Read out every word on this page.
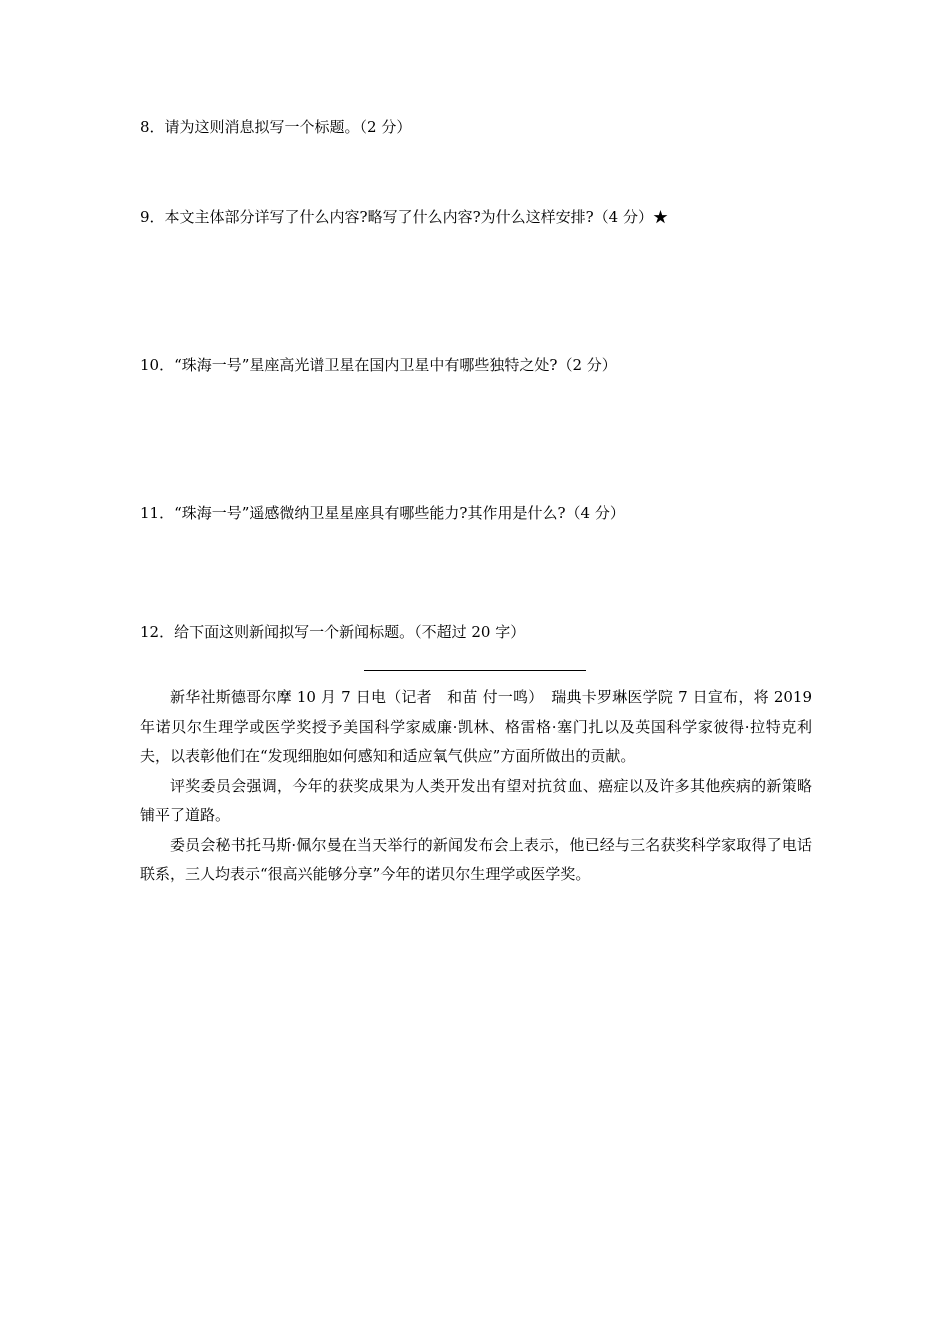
8．请为这则消息拟写一个标题。（2 分）
9．本文主体部分详写了什么内容?略写了什么内容?为什么这样安排?（4 分）★
10．“珠海一号”星座高光谱卫星在国内卫星中有哪些独特之处?（2 分）
11．“珠海一号”遥感微纳卫星星座具有哪些能力?其作用是什么?（4 分）
12．给下面这则新闻拟写一个新闻标题。（不超过 20 字）

新华社斯德哥尔摩 10 月 7 日电（记者　和苗 付一鸣）　瑞典卡罗琳医学院 7 日宣布，将 2019 年诺贝尔生理学或医学奖授予美国科学家威廉·凯林、格雷格·塞门扎以及英国科学家彼得·拉特克利夫，以表彰他们在“发现细胞如何感知和适应氧气供应”方面所做出的贡献。

评奖委员会强调，今年的获奖成果为人类开发出有望对抗贫血、癌症以及许多其他疾病的新策略铺平了道路。

委员会秘书托马斯·佩尔曼在当天举行的新闻发布会上表示，他已经与三名获奖科学家取得了电话联系，三人均表示“很高兴能够分享”今年的诺贝尔生理学或医学奖。
